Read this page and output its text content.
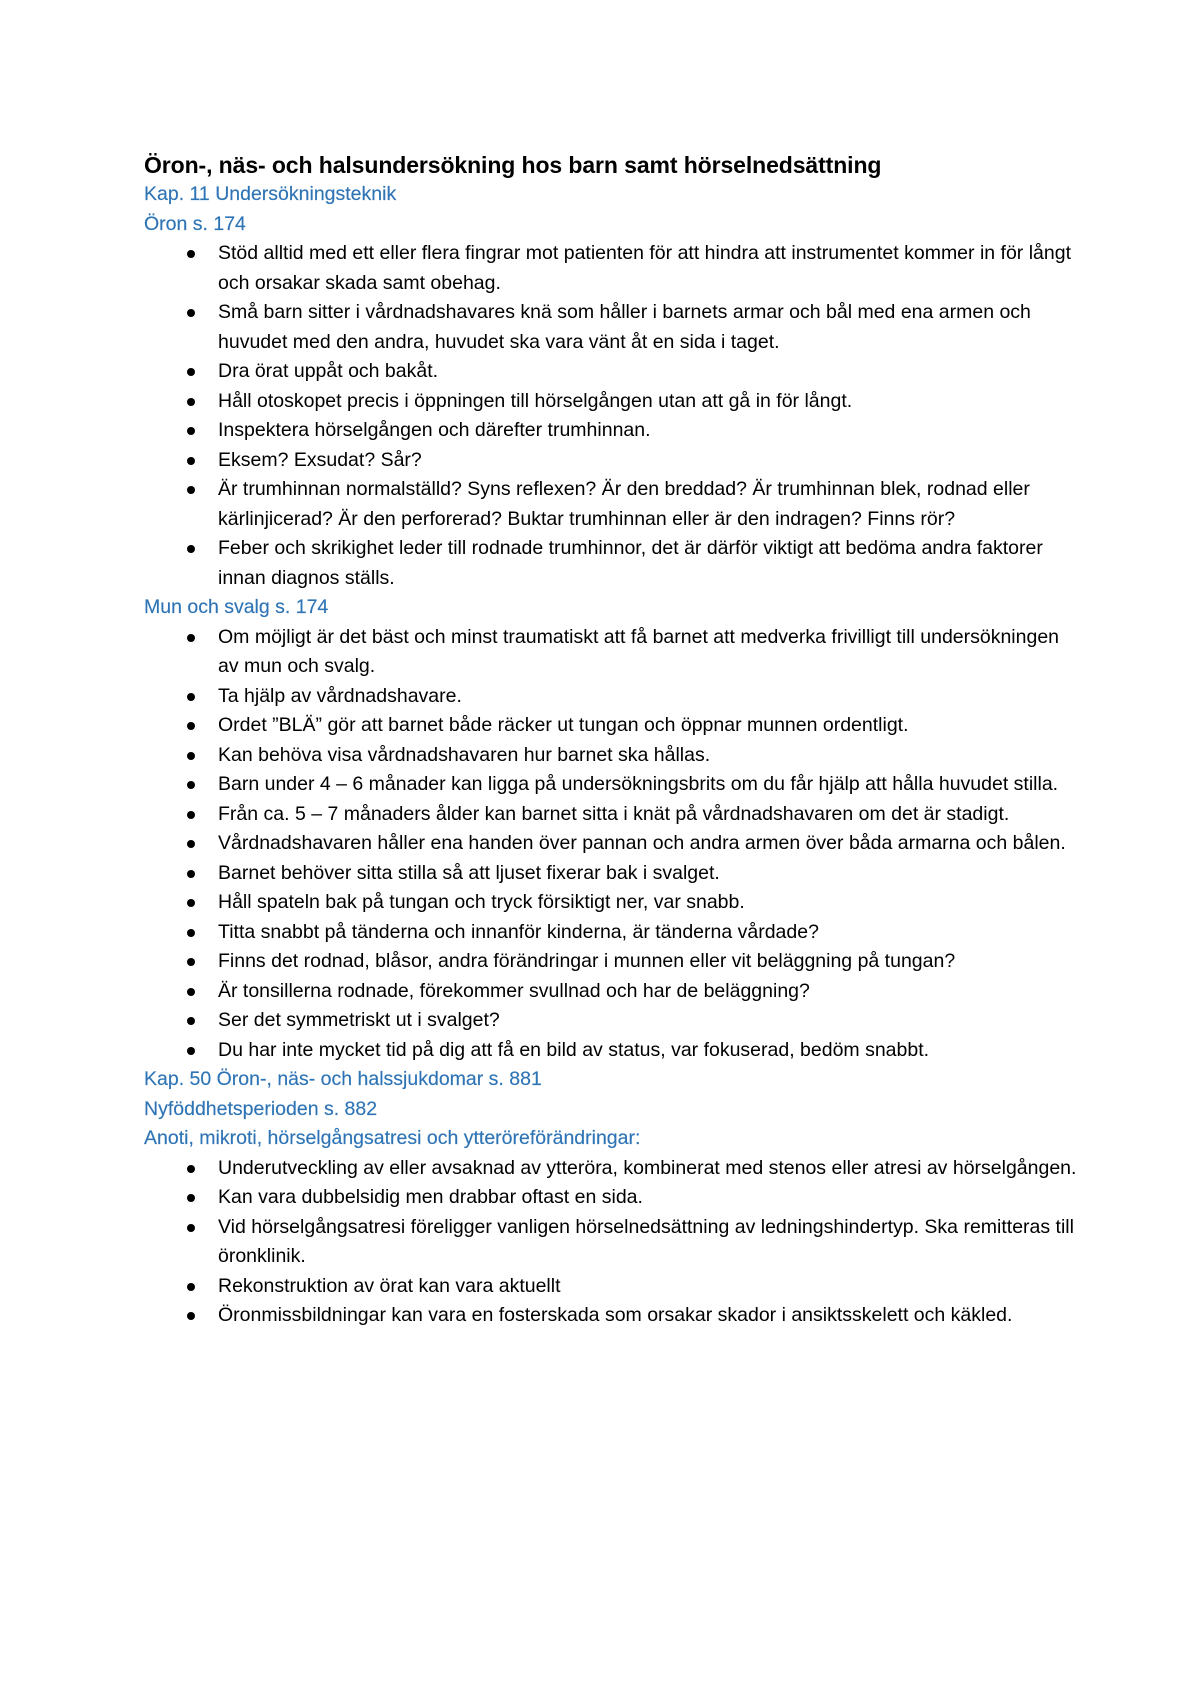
Öron-, näs- och halsundersökning hos barn samt hörselnedsättning
Kap. 11 Undersökningsteknik
Öron s. 174
Stöd alltid med ett eller flera fingrar mot patienten för att hindra att instrumentet kommer in för långt och orsakar skada samt obehag.
Små barn sitter i vårdnadshavares knä som håller i barnets armar och bål med ena armen och huvudet med den andra, huvudet ska vara vänt åt en sida i taget.
Dra örat uppåt och bakåt.
Håll otoskopet precis i öppningen till hörselgången utan att gå in för långt.
Inspektera hörselgången och därefter trumhinnan.
Eksem? Exsudat? Sår?
Är trumhinnan normalställd? Syns reflexen? Är den breddad? Är trumhinnan blek, rodnad eller kärlinjicerad? Är den perforerad? Buktar trumhinnan eller är den indragen? Finns rör?
Feber och skrikighet leder till rodnade trumhinnor, det är därför viktigt att bedöma andra faktorer innan diagnos ställs.
Mun och svalg s. 174
Om möjligt är det bäst och minst traumatiskt att få barnet att medverka frivilligt till undersökningen av mun och svalg.
Ta hjälp av vårdnadshavare.
Ordet ”BLÄ” gör att barnet både räcker ut tungan och öppnar munnen ordentligt.
Kan behöva visa vårdnadshavaren hur barnet ska hållas.
Barn under 4 – 6 månader kan ligga på undersökningsbrits om du får hjälp att hålla huvudet stilla.
Från ca. 5 – 7 månaders ålder kan barnet sitta i knät på vårdnadshavaren om det är stadigt.
Vårdnadshavaren håller ena handen över pannan och andra armen över båda armarna och bålen.
Barnet behöver sitta stilla så att ljuset fixerar bak i svalget.
Håll spateln bak på tungan och tryck försiktigt ner, var snabb.
Titta snabbt på tänderna och innanför kinderna, är tänderna vårdade?
Finns det rodnad, blåsor, andra förändringar i munnen eller vit beläggning på tungan?
Är tonsillerna rodnade, förekommer svullnad och har de beläggning?
Ser det symmetriskt ut i svalget?
Du har inte mycket tid på dig att få en bild av status, var fokuserad, bedöm snabbt.
Kap. 50 Öron-, näs- och halssjukdomar s. 881
Nyföddhetsperioden s. 882
Anoti, mikroti, hörselgångsatresi och ytteröreförändringar:
Underutveckling av eller avsaknad av ytteröra, kombinerat med stenos eller atresi av hörselgången.
Kan vara dubbelsidig men drabbar oftast en sida.
Vid hörselgångsatresi föreligger vanligen hörselnedsättning av ledningshindertyp. Ska remitteras till öronklinik.
Rekonstruktion av örat kan vara aktuellt
Öronmissbildningar kan vara en fosterskada som orsakar skador i ansiktsskelett och käkled.
